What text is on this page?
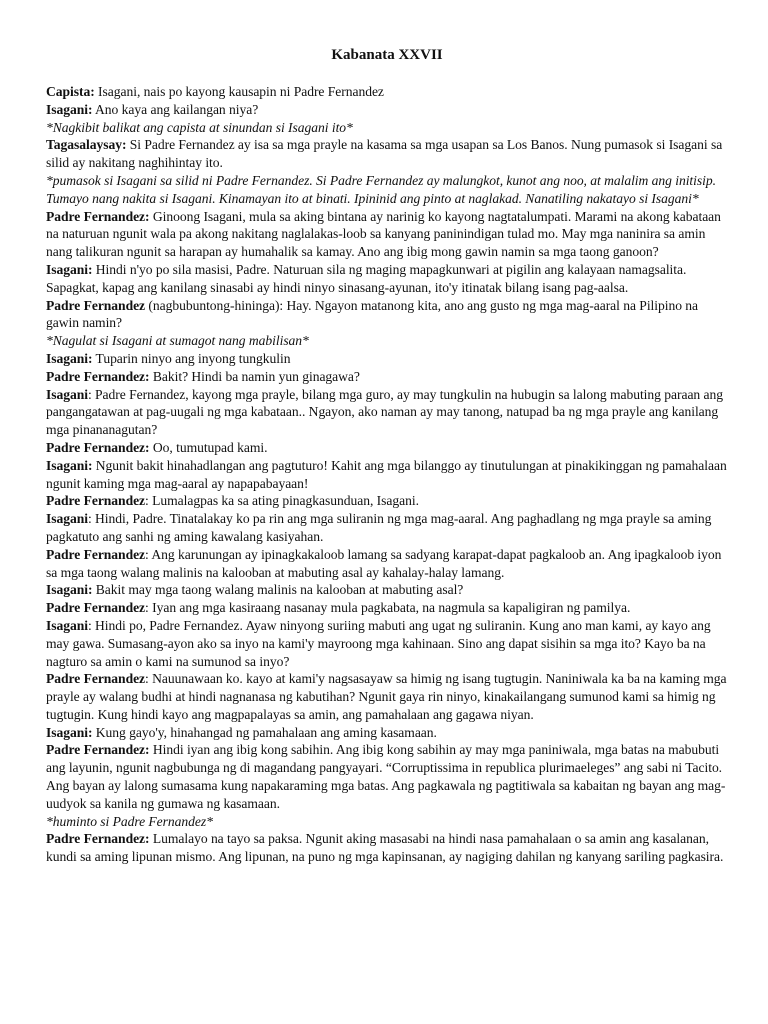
Kabanata XXVII
Capista: Isagani, nais po kayong kausapin ni Padre Fernandez
Isagani: Ano kaya ang kailangan niya?
*Nagkibit balikat ang capista at sinundan si Isagani ito*
Tagasalaysay: Si Padre Fernandez ay isa sa mga prayle na kasama sa mga usapan sa Los Banos. Nung pumasok si Isagani sa silid ay nakitang naghihintay ito.
*pumasok si Isagani sa silid ni Padre Fernandez. Si Padre Fernandez ay malungkot, kunot ang noo, at malalim ang initisip. Tumayo nang nakita si Isagani. Kinamayan ito at binati. Ipininid ang pinto at naglakad. Nanatiling nakatayo si Isagani*
Padre Fernandez: Ginoong Isagani, mula sa aking bintana ay narinig ko kayong nagtatalumpati. Marami na akong kabataan na naturuan ngunit wala pa akong nakitang naglalakas-loob sa kanyang paninindigan tulad mo. May mga naninira sa amin nang talikuran ngunit sa harapan ay humahalik sa kamay. Ano ang ibig mong gawin namin sa mga taong ganoon?
Isagani: Hindi n'yo po sila masisi, Padre. Naturuan sila ng maging mapagkunwari at pigilin ang kalayaan namagsalita. Sapagkat, kapag ang kanilang sinasabi ay hindi ninyo sinasang-ayunan, ito'y itinatak bilang isang pag-aalsa.
Padre Fernandez (nagbubuntong-hininga): Hay. Ngayon matanong kita, ano ang gusto ng mga mag-aaral na Pilipino na gawin namin?
*Nagulat si Isagani at sumagot nang mabilisan*
Isagani: Tuparin ninyo ang inyong tungkulin
Padre Fernandez: Bakit? Hindi ba namin yun ginagawa?
Isagani: Padre Fernandez, kayong mga prayle, bilang mga guro, ay may tungkulin na hubugin sa lalong mabuting paraan ang pangangatawan at pag-uugali ng mga kabataan.. Ngayon, ako naman ay may tanong, natupad ba ng mga prayle ang kanilang mga pinananagutan?
Padre Fernandez: Oo, tumutupad kami.
Isagani: Ngunit bakit hinahadlangan ang pagtuturo! Kahit ang mga bilanggo ay tinutulungan at pinakikinggan ng pamahalaan ngunit kaming mga mag-aaral ay napapabayaan!
Padre Fernandez: Lumalagpas ka sa ating pinagkasunduan, Isagani.
Isagani: Hindi, Padre. Tinatalakay ko pa rin ang mga suliranin ng mga mag-aaral. Ang paghadlang ng mga prayle sa aming pagkatuto ang sanhi ng aming kawalang kasiyahan.
Padre Fernandez: Ang karunungan ay ipinagkakaloob lamang sa sadyang karapat-dapat pagkaloob an. Ang ipagkaloob iyon sa mga taong walang malinis na kalooban at mabuting asal ay kahalay-halay lamang.
Isagani: Bakit may mga taong walang malinis na kalooban at mabuting asal?
Padre Fernandez: Iyan ang mga kasiraang nasanay mula pagkabata, na nagmula sa kapaligiran ng pamilya.
Isagani: Hindi po, Padre Fernandez. Ayaw ninyong suriing mabuti ang ugat ng suliranin. Kung ano man kami, ay kayo ang may gawa. Sumasang-ayon ako sa inyo na kami'y mayroong mga kahinaan. Sino ang dapat sisihin sa mga ito? Kayo ba na nagturo sa amin o kami na sumunod sa inyo?
Padre Fernandez: Nauunawaan ko. kayo at kami'y nagsasayaw sa himig ng isang tugtugin. Naniniwala ka ba na kaming mga prayle ay walang budhi at hindi nagnanasa ng kabutihan? Ngunit gaya rin ninyo, kinakailangang sumunod kami sa himig ng tugtugin. Kung hindi kayo ang magpapalayas sa amin, ang pamahalaan ang gagawa niyan.
Isagani: Kung gayo'y, hinahangad ng pamahalaan ang aming kasamaan.
Padre Fernandez: Hindi iyan ang ibig kong sabihin. Ang ibig kong sabihin ay may mga paniniwala, mga batas na mabubuti ang layunin, ngunit nagbubunga ng di magandang pangyayari. “Corruptissima in republica plurimaeleges” ang sabi ni Tacito. Ang bayan ay lalong sumasama kung napakaraming mga batas. Ang pagkawala ng pagtitiwala sa kabaitan ng bayan ang mag-uudyok sa kanila ng gumawa ng kasamaan.
*huminto si Padre Fernandez*
Padre Fernandez: Lumalayo na tayo sa paksa. Ngunit aking masasabi na hindi nasa pamahalaan o sa amin ang kasalanan, kundi sa aming lipunan mismo. Ang lipunan, na puno ng mga kapinsanan, ay nagiging dahilan ng kanyang sariling pagkasira.
